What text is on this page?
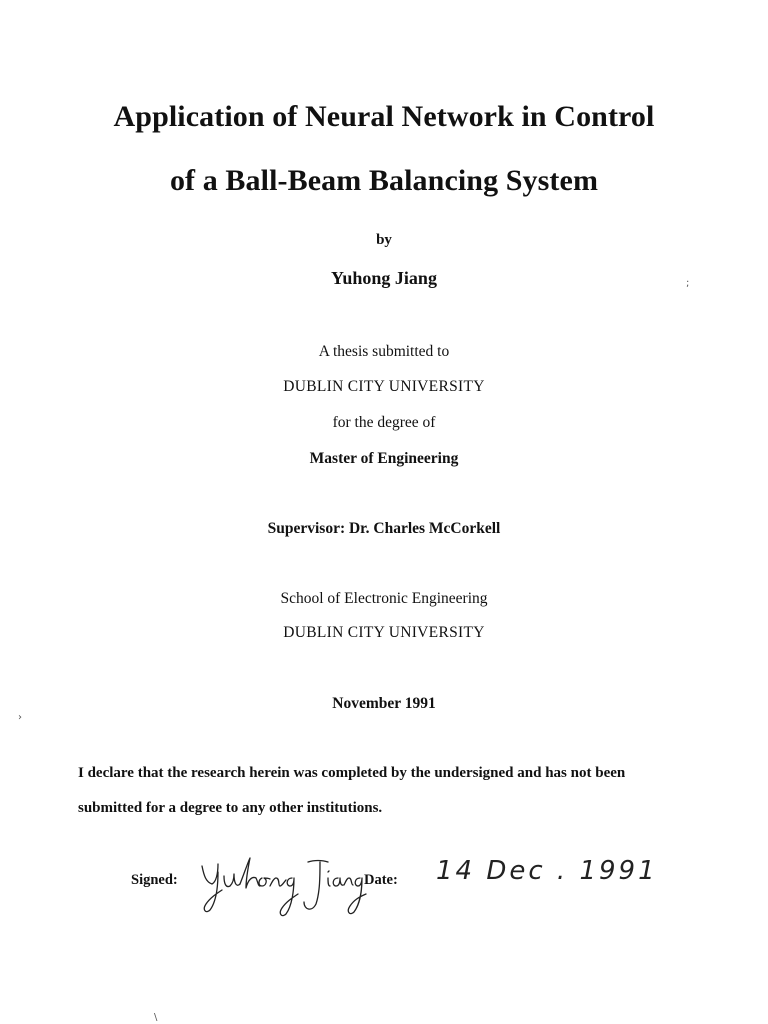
Application of Neural Network in Control
of a Ball-Beam Balancing System
by
Yuhong Jiang
A thesis submitted to
DUBLIN CITY UNIVERSITY
for the degree of
Master of Engineering
Supervisor: Dr. Charles McCorkell
School of Electronic Engineering
DUBLIN CITY UNIVERSITY
November 1991
I declare that the research herein was completed by the undersigned and has not been
submitted for a degree to any other institutions.
Signed:	Date: 14 Dec . 1991
;
›
\
